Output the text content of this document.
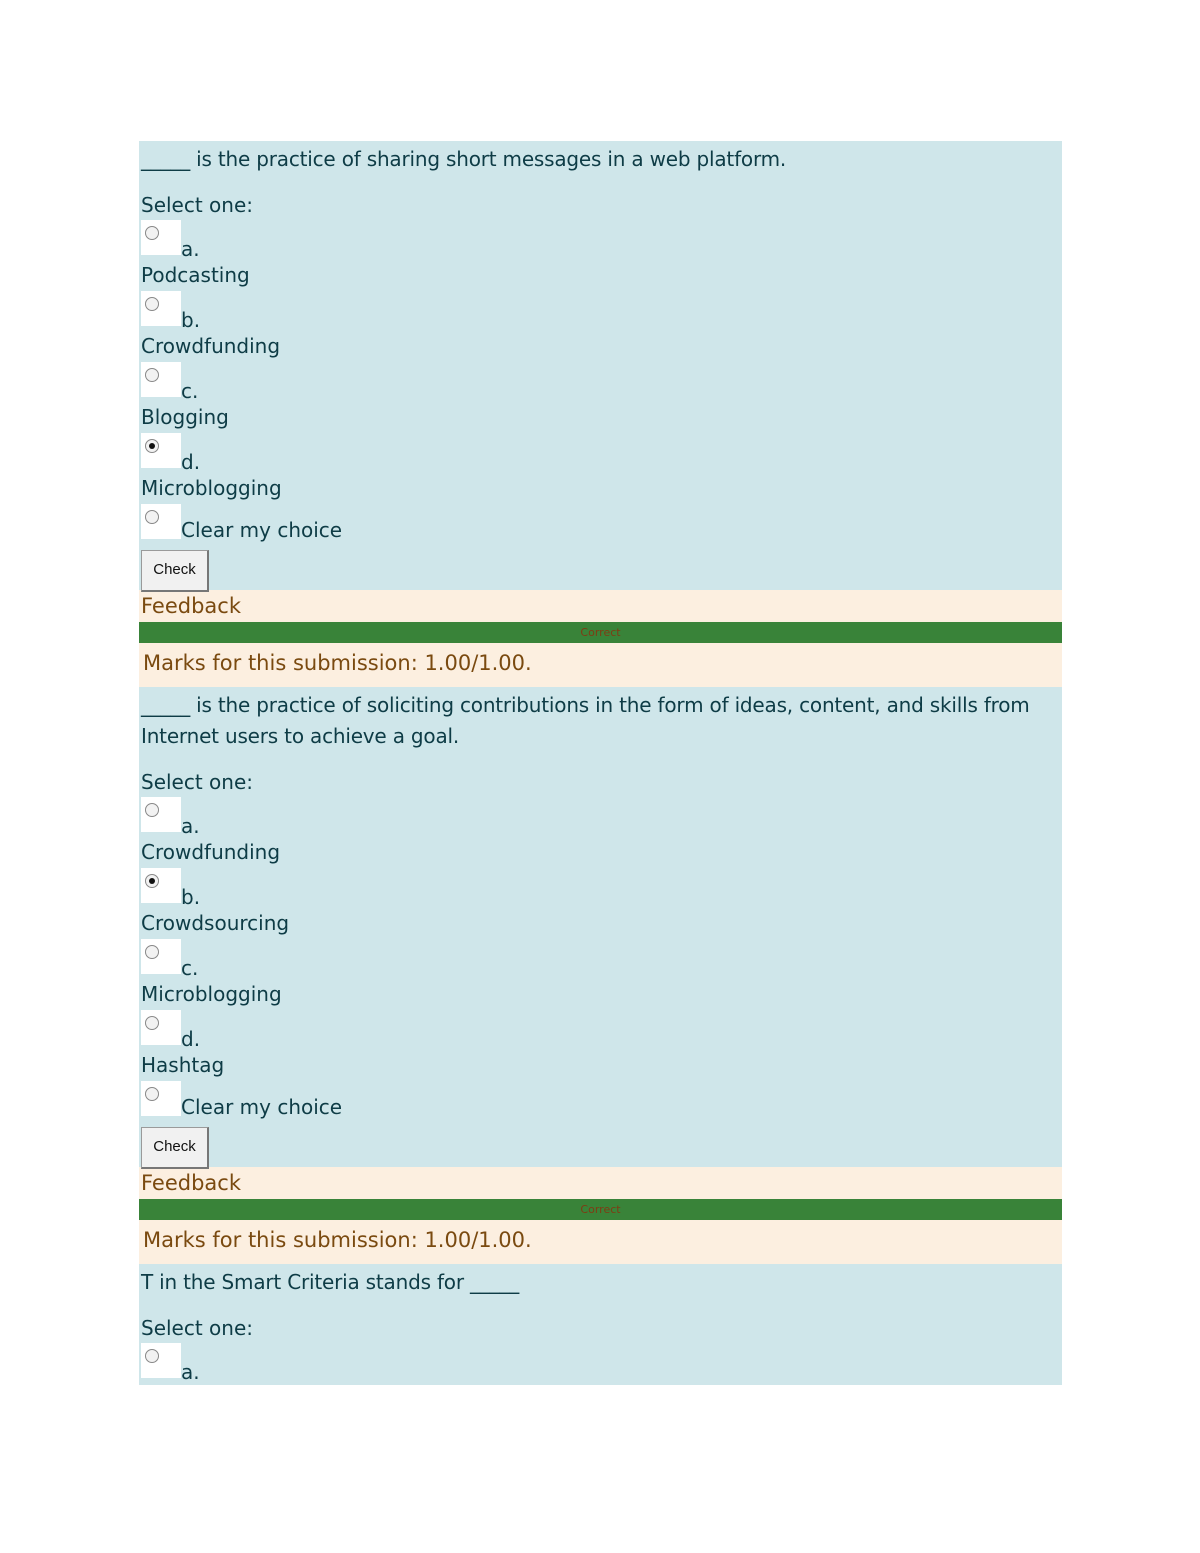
_____ is the practice of sharing short messages in a web platform.
Select one:
a.
Podcasting
b.
Crowdfunding
c.
Blogging
d.
Microblogging
Clear my choice
Check
Feedback
Correct
Marks for this submission: 1.00/1.00.
_____ is the practice of soliciting contributions in the form of ideas, content, and skills from Internet users to achieve a goal.
Select one:
a.
Crowdfunding
b.
Crowdsourcing
c.
Microblogging
d.
Hashtag
Clear my choice
Check
Feedback
Correct
Marks for this submission: 1.00/1.00.
T in the Smart Criteria stands for _____
Select one:
a.
